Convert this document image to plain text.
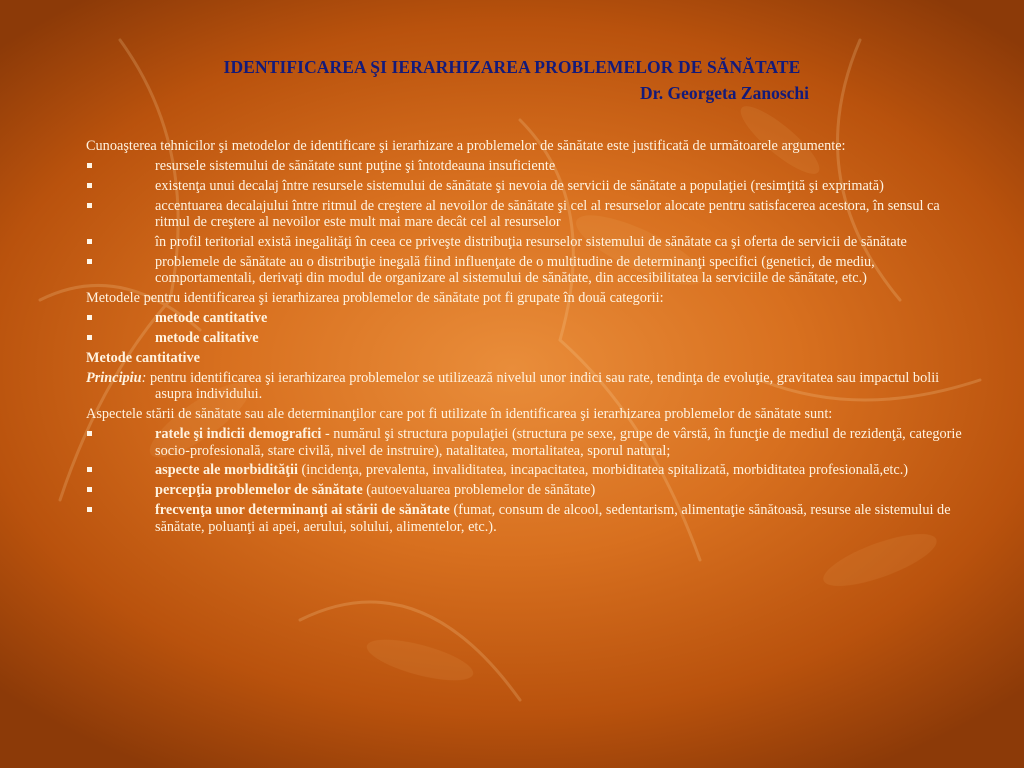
IDENTIFICAREA ŞI IERARHIZAREA PROBLEMELOR DE SĂNĂTATE
Dr. Georgeta Zanoschi

Cunoaşterea tehnicilor şi metodelor de identificare şi ierarhizare a problemelor de sănătate este justificată de următoarele argumente:

resursele sistemului de sănătate sunt puţine şi întotdeauna insuficiente
existenţa unui decalaj între resursele sistemului de sănătate şi nevoia de servicii de sănătate a populaţiei (resimţită şi exprimată)
accentuarea decalajului între ritmul de creştere al nevoilor de sănătate şi cel al resurselor alocate pentru satisfacerea acestora, în sensul ca ritmul de creştere al nevoilor este mult mai mare decât cel al resurselor
în profil teritorial există inegalităţi în ceea ce priveşte distribuţia resurselor sistemului de sănătate ca şi oferta de servicii de sănătate
problemele de sănătate au o distribuţie inegală fiind influenţate de o multitudine de determinanţi specifici (genetici, de mediu, comportamentali, derivaţi din modul de organizare al sistemului de sănătate, din accesibilitatea la serviciile de sănătate, etc.)

Metodele pentru identificarea şi ierarhizarea problemelor de sănătate pot fi grupate în două categorii:

metode cantitative
metode calitative

Metode cantitative

Principiu: pentru identificarea şi ierarhizarea problemelor se utilizează nivelul unor indici sau rate, tendinţa de evoluţie, gravitatea sau impactul bolii asupra individului.

Aspectele stării de sănătate sau ale determinanţilor care pot fi utilizate în identificarea şi ierarhizarea problemelor de sănătate sunt:

ratele şi indicii demografici - numărul şi structura populaţiei (structura pe sexe, grupe de vârstă, în funcţie de mediul de rezidenţă, categorie socio-profesională, stare civilă, nivel de instruire), natalitatea, mortalitatea, sporul natural;
aspecte ale morbidităţii (incidenţa, prevalenta, invaliditatea, incapacitatea, morbiditatea spitalizată, morbiditatea profesională,etc.)
percepţia problemelor de sănătate (autoevaluarea problemelor de sănătate)
frecvenţa unor determinanţi ai stării de sănătate (fumat, consum de alcool, sedentarism, alimentaţie sănătoasă, resurse ale sistemului de sănătate, poluanţi ai apei, aerului, solului, alimentelor, etc.).
